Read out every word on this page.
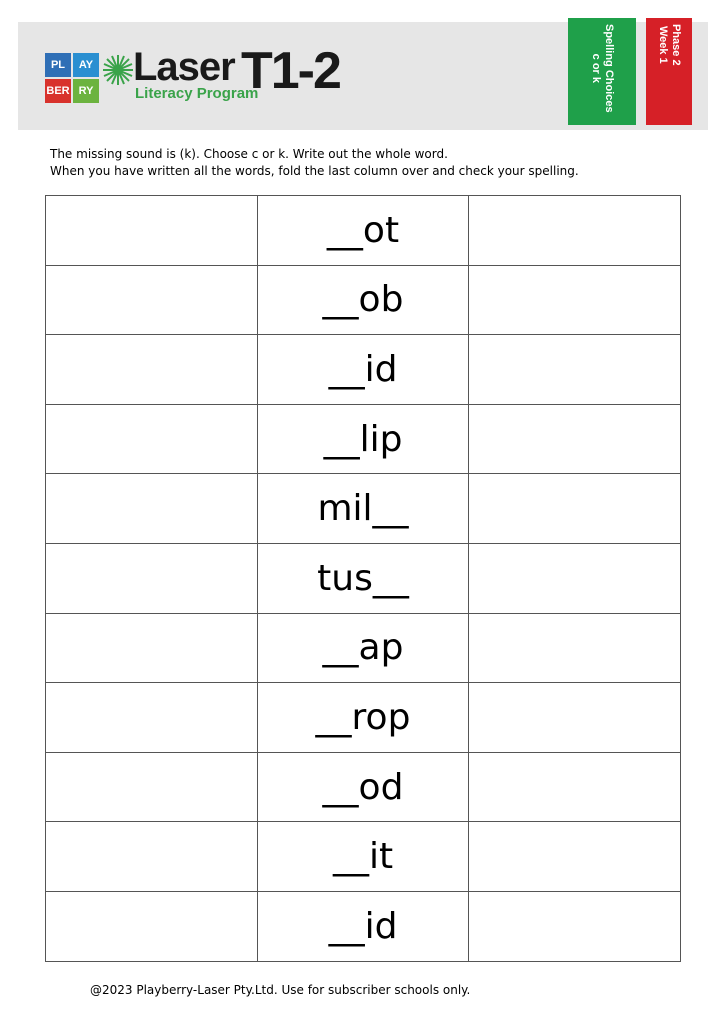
PL	AY
BER RY
Laser
Literacy Program
T1-2	Spelling Choices
c or k
Phase 2
Week 1
The missing sound is (k). Choose c or k. Write out the whole word.
When you have written all the words, fold the last column over and check your spelling.
	__ot	
	__ob	
	__id	
	__lip	
	mil__	
	tus__	
	__ap	
	__rop	
	__od	
	__it	
	__id	
@2023 Playberry-Laser Pty.Ltd. Use for subscriber schools only.
